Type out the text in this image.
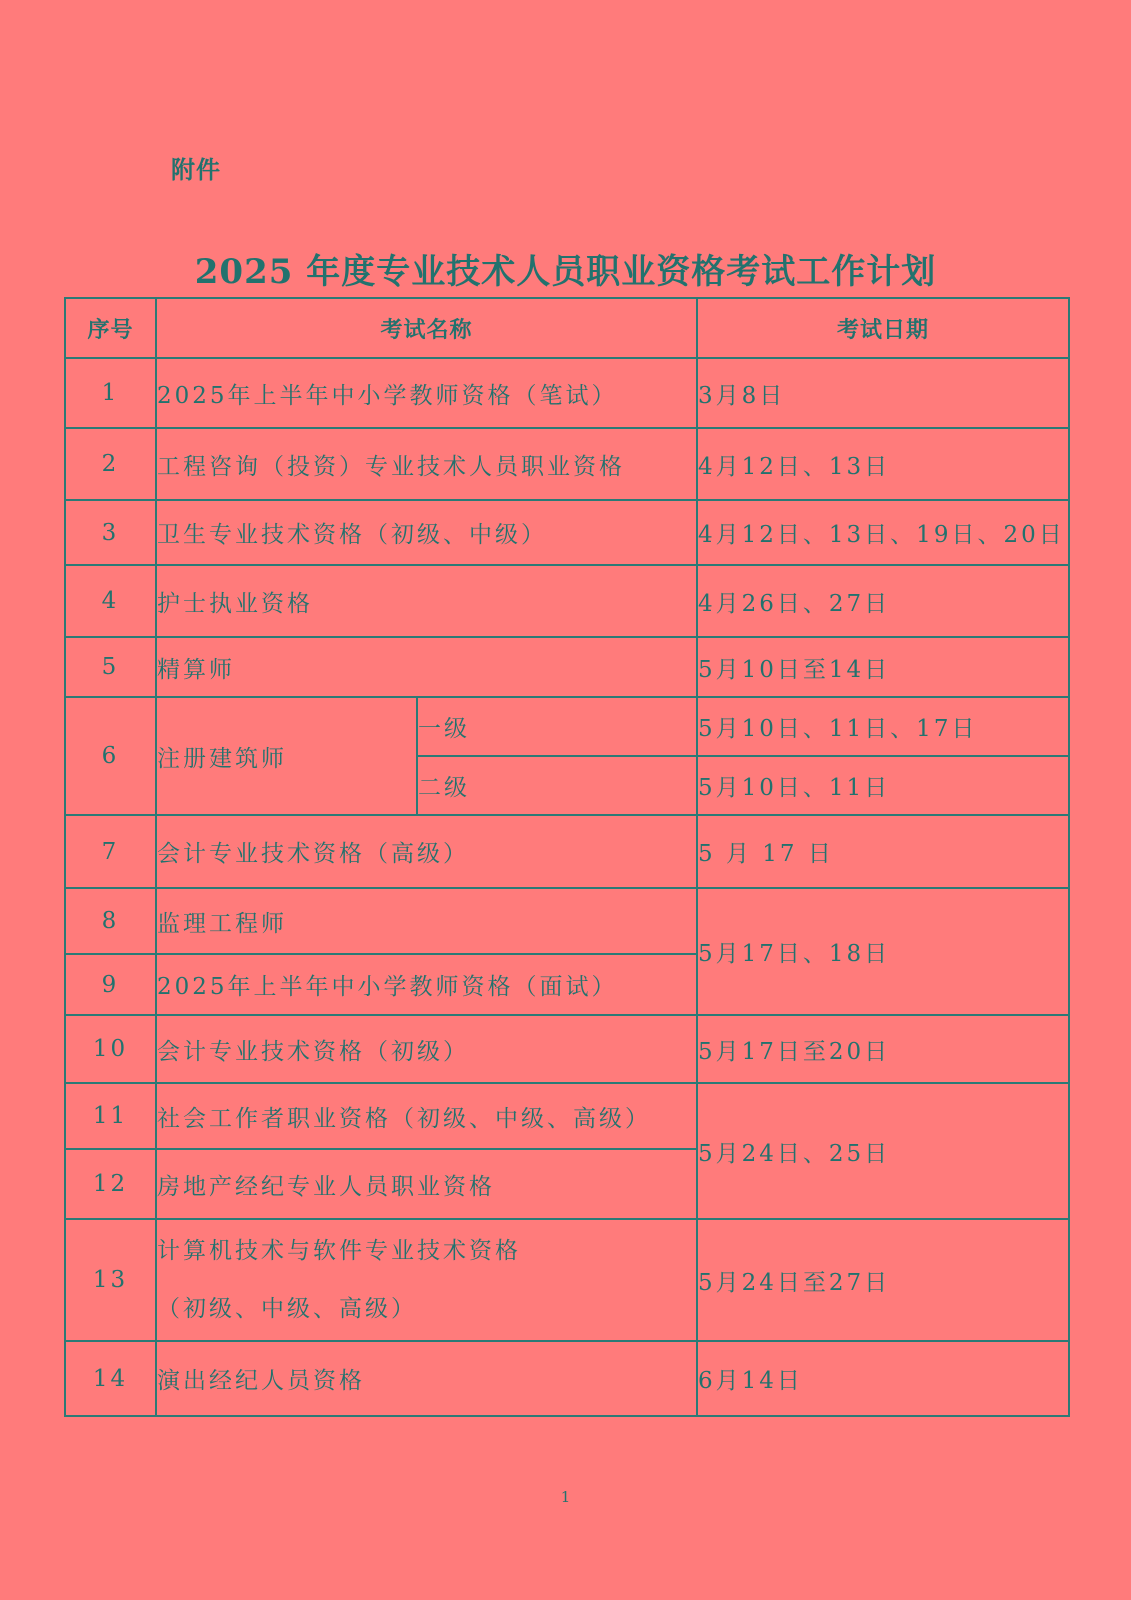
附件
2025 年度专业技术人员职业资格考试工作计划
序号	考试名称		考试日期
1	2025年上半年中小学教师资格（笔试）		3月8日
2	工程咨询（投资）专业技术人员职业资格		4月12日、13日
3	卫生专业技术资格（初级、中级）		4月12日、13日、19日、20日
4	护士执业资格		4月26日、27日
5	精算师		5月10日至14日
6	注册建筑师	一级	5月10日、11日、17日
		二级	5月10日、11日
7	会计专业技术资格（高级）		5 月 17 日
8	监理工程师		5月17日、18日
9	2025年上半年中小学教师资格（面试）		
10	会计专业技术资格（初级）		5月17日至20日
11	社会工作者职业资格（初级、中级、高级）		5月24日、25日
12	房地产经纪专业人员职业资格		
13	计算机技术与软件专业技术资格
（初级、中级、高级）		5月24日至27日
14	演出经纪人员资格		6月14日
1
